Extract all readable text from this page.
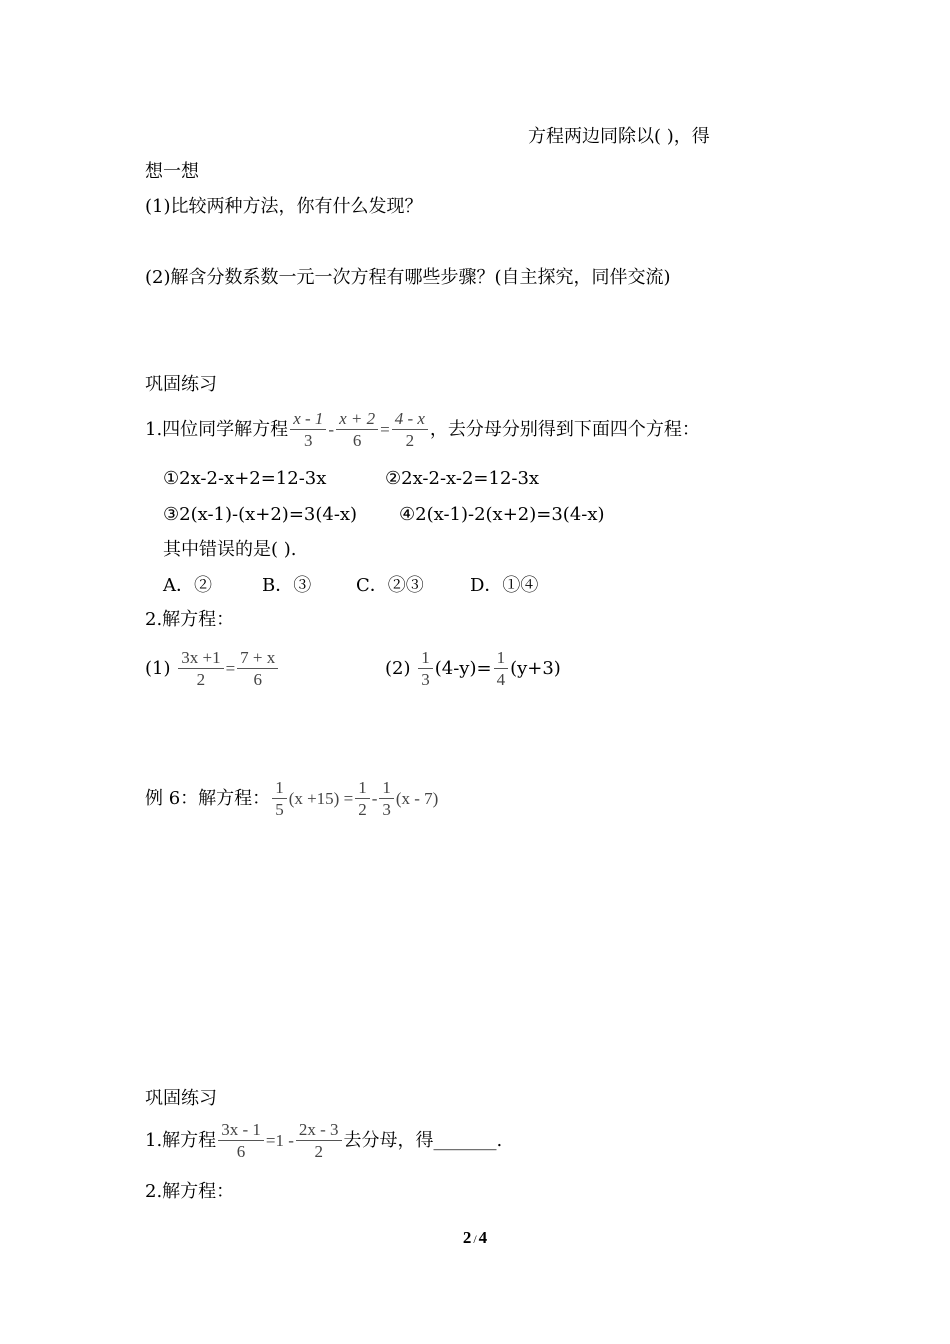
方程两边同除以( )，得
想一想
(1)比较两种方法，你有什么发现？
(2)解含分数系数一元一次方程有哪些步骤？(自主探究，同伴交流)
巩固练习
1.四位同学解方程 $\frac{x - 1}{3} - \frac{x + 2}{6} = \frac{4 - x}{2}$ ，去分母分别得到下面四个方程：
①2x-2-x+2=12-3x	②2x-2-x-2=12-3x
③2(x-1)-(x+2)=3(4-x) ④2(x-1)-2(x+2)=3(4-x)
其中错误的是( ).
A．②	B．③ C．②③	D．①④
2.解方程：
$(1) \frac{3x +1}{2} = \frac{7 + x}{6}$	$(2) \frac{1}{3} (4-y)= \frac{1}{4} (y+3)$
例 6：解方程： $\frac{1}{5} (x +15) = \frac{1}{2} - \frac{1}{3} (x - 7)$
巩固练习
1.解方程 $\frac{3x - 1}{6} =1 - \frac{2x - 3}{2}$ 去分母，得_______.
2.解方程：
2 / 4
